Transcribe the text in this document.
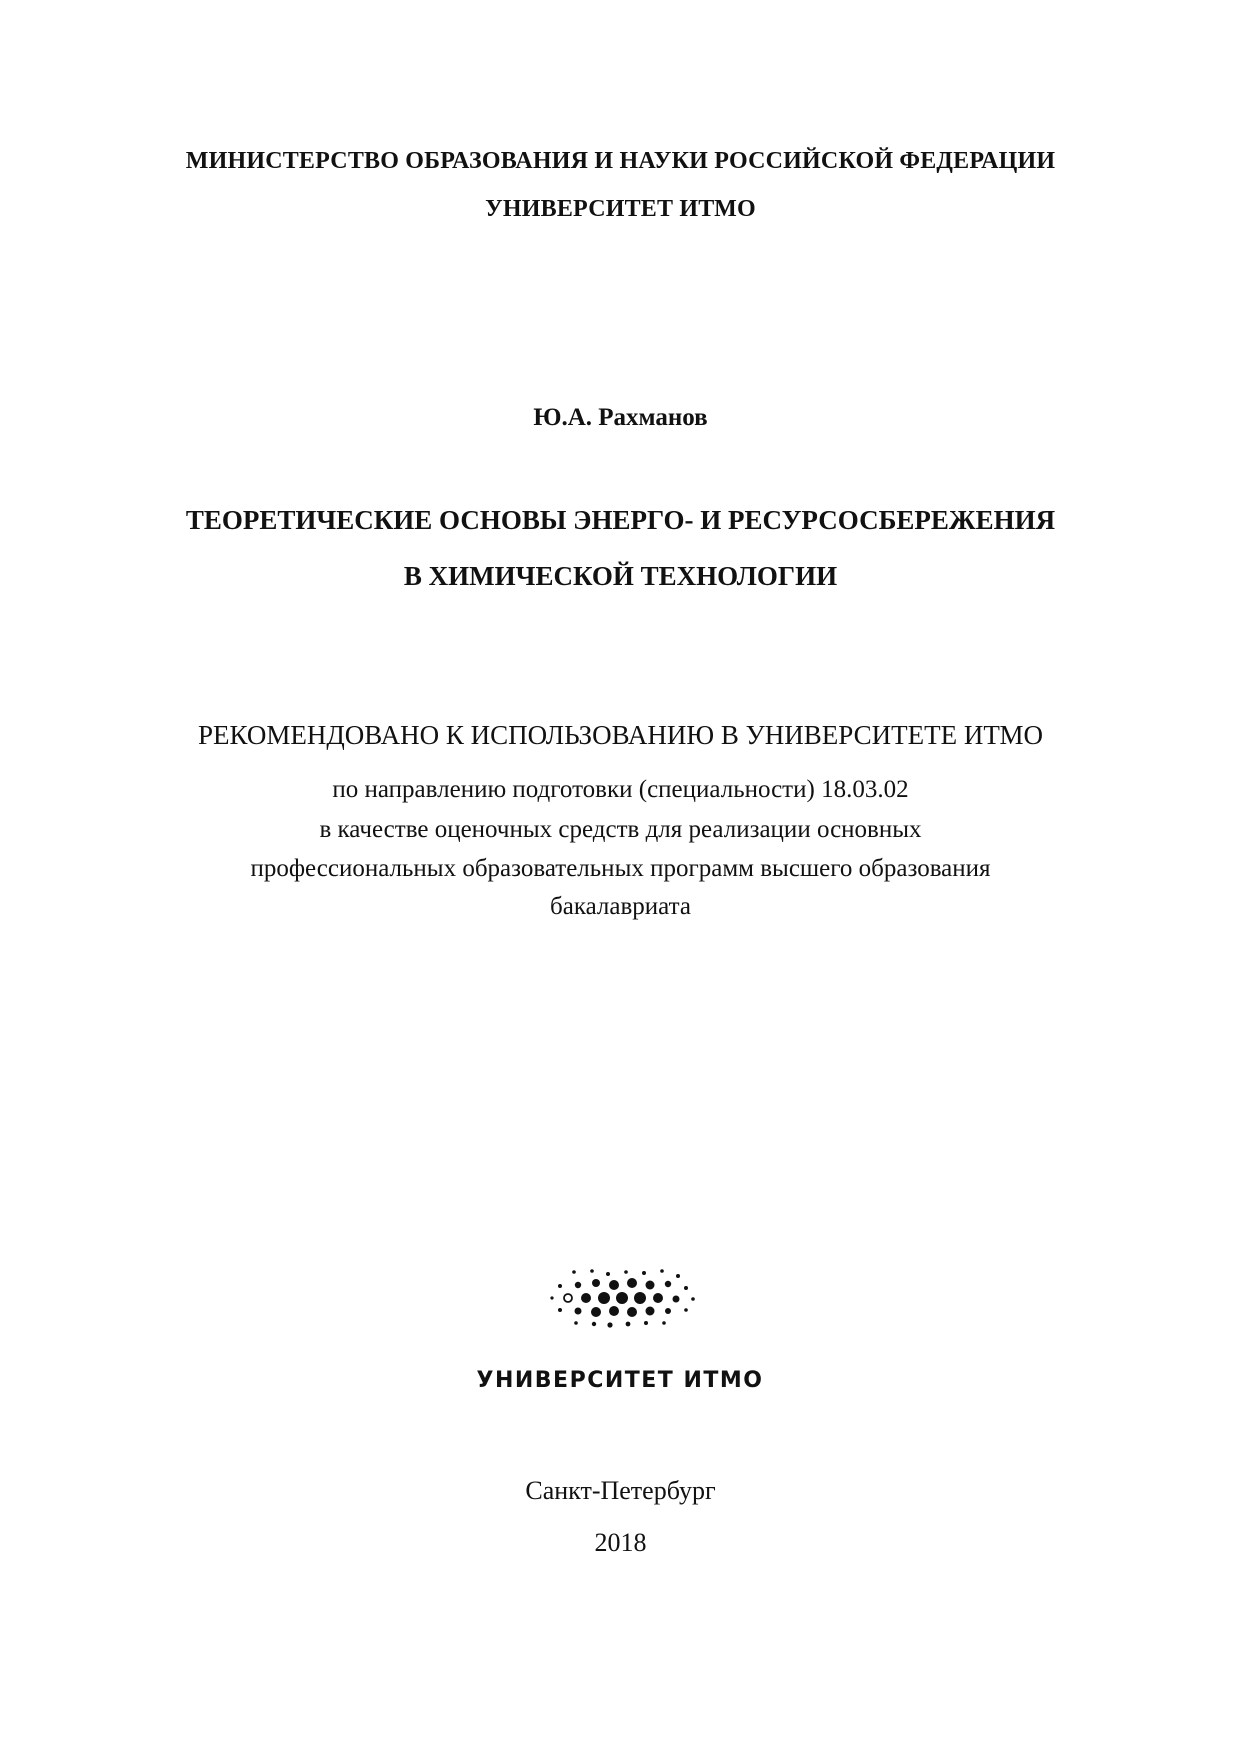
МИНИСТЕРСТВО ОБРАЗОВАНИЯ И НАУКИ РОССИЙСКОЙ ФЕДЕРАЦИИ
УНИВЕРСИТЕТ ИТМО
Ю.А. Рахманов
ТЕОРЕТИЧЕСКИЕ ОСНОВЫ ЭНЕРГО- И РЕСУРСОСБЕРЕЖЕНИЯ
В ХИМИЧЕСКОЙ ТЕХНОЛОГИИ
РЕКОМЕНДОВАНО К ИСПОЛЬЗОВАНИЮ В УНИВЕРСИТЕТЕ ИТМО
по направлению подготовки (специальности) 18.03.02
в качестве оценочных средств для реализации основных
профессиональных образовательных программ высшего образования
бакалавриата
УНИВЕРСИТЕТ ИТМО
Санкт-Петербург
2018
